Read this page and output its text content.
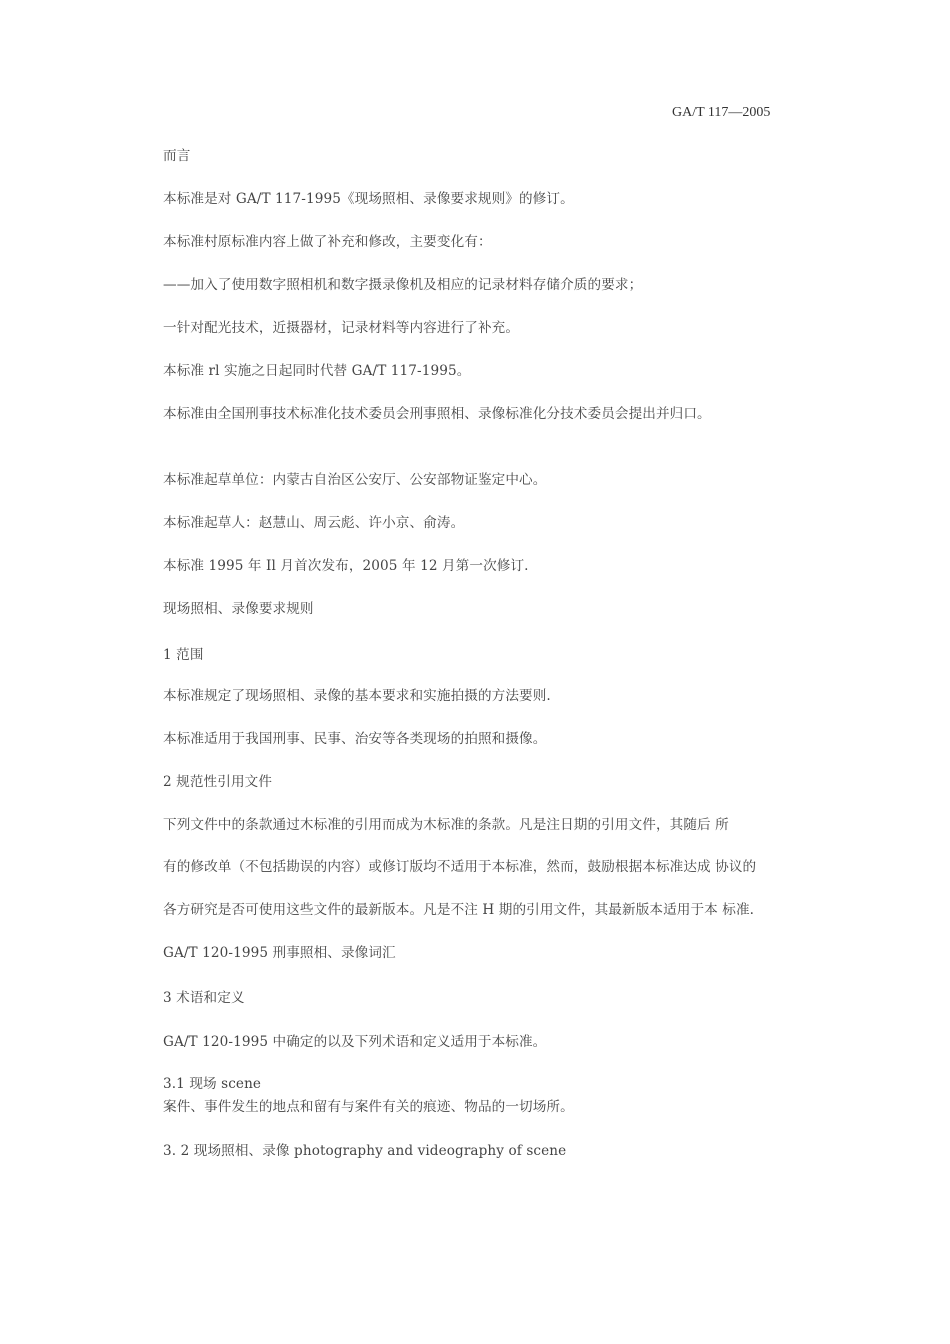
GA/T 117—2005
而言
本标准是对 GA/T 117-1995《现场照相、录像要求规则》的修订。
本标准村原标准内容上做了补充和修改，主要变化有：
——加入了使用数字照相机和数字摄录像机及相应的记录材料存储介质的要求；
一针对配光技术，近摄器材，记录材料等内容进行了补充。
本标准 rl 实施之日起同时代替 GA/T 117-1995。
本标准由全国刑事技术标准化技术委员会刑事照相、录像标准化分技术委员会提出并归口。
本标准起草单位：内蒙古自治区公安厅、公安部物证鉴定中心。
本标准起草人：赵慧山、周云彪、许小京、俞涛。
本标准 1995 年 Il 月首次发布，2005 年 12 月第一次修订.
现场照相、录像要求规则
1 范围
本标准规定了现场照相、录像的基本要求和实施拍摄的方法要则.
本标准适用于我国刑事、民事、治安等各类现场的拍照和摄像。
2 规范性引用文件
下列文件中的条款通过木标准的引用而成为木标准的条款。凡是注日期的引用文件，其随后 所
有的修改单（不包括勘误的内容）或修订版均不适用于本标准，然而，鼓励根据本标准达成 协议的
各方研究是否可使用这些文件的最新版本。凡是不注 H 期的引用文件，其最新版本适用于本 标准.
GA/T 120-1995 刑事照相、录像词汇
3 术语和定义
GA/T 120-1995 中确定的以及下列术语和定义适用于本标准。
3.1 现场 scene
案件、事件发生的地点和留有与案件有关的痕迹、物品的一切场所。
3. 2 现场照相、录像 photography and videography of scene
